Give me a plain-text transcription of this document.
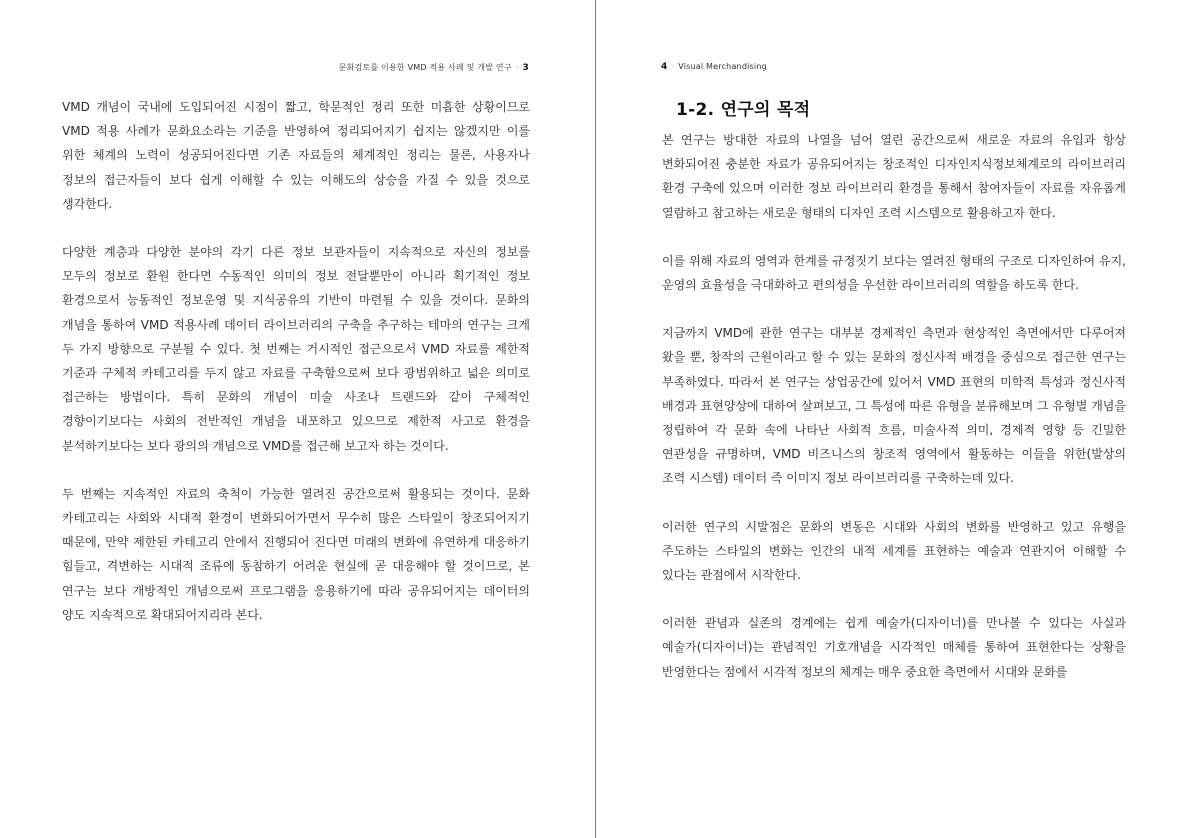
문화검토를 이용한 VMD 적용 사례 및 개발 연구 · 3

VMD 개념이 국내에 도입되어진 시점이 짧고, 학문적인 정리 또한 미흡한 상황이므로 VMD 적용 사례가 문화요소라는 기준을 반영하여 정리되어지기 쉽지는 않겠지만 이를 위한 체계의 노력이 성공되어진다면 기존 자료들의 체계적인 정리는 물론, 사용자나 정보의 접근자들이 보다 쉽게 이해할 수 있는 이해도의 상승을 가질 수 있을 것으로 생각한다.

다양한 계층과 다양한 분야의 각기 다른 정보 보관자들이 지속적으로 자신의 정보를 모두의 정보로 환원 한다면 수동적인 의미의 정보 전달뿐만이 아니라 획기적인 정보 환경으로서 능동적인 정보운영 및 지식공유의 기반이 마련될 수 있을 것이다. 문화의 개념을 통하여 VMD 적용사례 데이터 라이브러리의 구축을 추구하는 테마의 연구는 크게 두 가지 방향으로 구분될 수 있다. 첫 번째는 거시적인 접근으로서 VMD 자료를 제한적 기준과 구체적 카테고리를 두지 않고 자료를 구축함으로써 보다 광범위하고 넓은 의미로 접근하는 방법이다. 특히 문화의 개념이 미술 사조나 트랜드와 같이 구체적인 경향이기보다는 사회의 전반적인 개념을 내포하고 있으므로 제한적 사고로 환경을 분석하기보다는 보다 광의의 개념으로 VMD를 접근해 보고자 하는 것이다.

두 번째는 지속적인 자료의 축척이 가능한 열려진 공간으로써 활용되는 것이다. 문화 카테고리는 사회와 시대적 환경이 변화되어가면서 무수히 많은 스타일이 창조되어지기 때문에, 만약 제한된 카테고리 안에서 진행되어 진다면 미래의 변화에 유연하게 대응하기 힘들고, 격변하는 시대적 조류에 동참하기 어려운 현실에 곧 대응해야 할 것이므로, 본 연구는 보다 개방적인 개념으로써 프로그램을 응용하기에 따라 공유되어지는 데이터의 양도 지속적으로 확대되어지리라 본다.

4 · Visual Merchandising
1-2. 연구의 목적

본 연구는 방대한 자료의 나열을 넘어 열린 공간으로써 새로운 자료의 유입과 항상 변화되어진 충분한 자료가 공유되어지는 창조적인 디자인지식정보체계로의 라이브러리 환경 구축에 있으며 이러한 정보 라이브러리 환경을 통해서 참여자들이 자료를 자유롭게 열람하고 참고하는 새로운 형태의 디자인 조력 시스템으로 활용하고자 한다.

이를 위해 자료의 영역과 한계를 규정짓기 보다는 열려진 형태의 구조로 디자인하여 유지, 운영의 효율성을 극대화하고 편의성을 우선한 라이브러리의 역할을 하도록 한다.

지금까지 VMD에 관한 연구는 대부분 경제적인 측면과 현상적인 측면에서만 다루어져 왔을 뿐, 창작의 근원이라고 할 수 있는 문화의 정신사적 배경을 중심으로 접근한 연구는 부족하였다. 따라서 본 연구는 상업공간에 있어서 VMD 표현의 미학적 특성과 정신사적 배경과 표현양상에 대하여 살펴보고, 그 특성에 따른 유형을 분류해보며 그 유형별 개념을 정립하여 각 문화 속에 나타난 사회적 흐름, 미술사적 의미, 경제적 영향 등 긴밀한 연관성을 규명하며, VMD 비즈니스의 창조적 영역에서 활동하는 이들을 위한(발상의 조력 시스템) 데이터 즉 이미지 정보 라이브러리를 구축하는데 있다.

이러한 연구의 시발점은 문화의 변동은 시대와 사회의 변화를 반영하고 있고 유행을 주도하는 스타일의 변화는 인간의 내적 세계를 표현하는 예술과 연관지어 이해할 수 있다는 관점에서 시작한다.

이러한 관념과 실존의 경계에는 쉽게 예술가(디자이너)를 만나볼 수 있다는 사실과 예술가(디자이너)는 관념적인 기호개념을 시각적인 매체를 통하여 표현한다는 상황을 반영한다는 점에서 시각적 정보의 체계는 매우 중요한 측면에서 시대와 문화를
